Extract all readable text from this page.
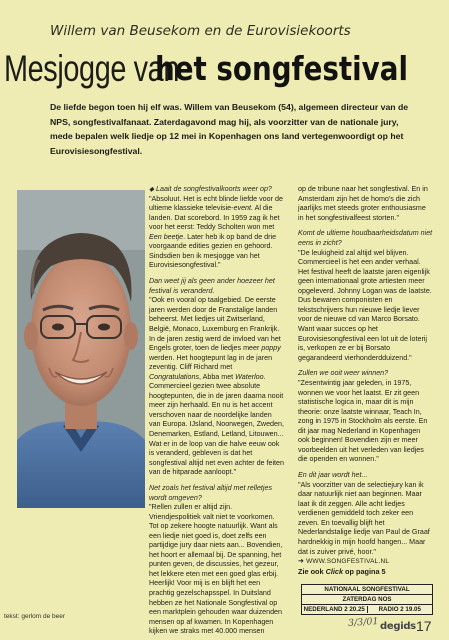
Willem van Beusekom en de Eurovisiekoorts
Mesjogge van
het songfestival
De liefde begon toen hij elf was. Willem van Beusekom (54), algemeen directeur van de NPS, songfestivalfanaat. Zaterdagavond mag hij, als voorzitter van de nationale jury, mede bepalen welk liedje op 12 mei in Kopenhagen ons land vertegenwoordigt op het Eurovisiesongfestival.
tekst: gerlom de beer

◆ Laait de songfestivalkoorts weer op?

"Absoluut. Het is echt blinde liefde voor de ultieme klassieke televisie-event. Al die landen. Dat scorebord. In 1959 zag ik het voor het eerst: Teddy Scholten won met Een beetje. Later heb ik op band de drie voorgaande edities gezien en gehoord. Sindsdien ben ik mesjogge van het Eurovisiesongfestival."

Dan weet jij als geen ander hoezeer het festival is veranderd.

"Ook en vooral op taalgebied. De eerste jaren werden door de Franstalige landen beheerst. Met liedjes uit Zwitserland, België, Monaco, Luxemburg en Frankrijk. In de jaren zestig werd de invloed van het Engels groter, toen de liedjes meer poppy werden. Het hoogtepunt lag in de jaren zeventig. Cliff Richard met Congratulations, Abba met Waterloo. Commercieel gezien twee absolute hoogtepunten, die in de jaren daarna nooit meer zijn herhaald. En nu is het accent verschoven naar de noordelijke landen van Europa. IJsland, Noorwegen, Zweden, Denemarken, Estland, Letland, Litouwen... Wat er in de loop van die halve eeuw ook is veranderd, gebleven is dat het songfestival altijd net even achter de feiten van de hitparade aanloopt."

Net zoals het festival altijd met relletjes wordt omgeven?

"Rellen zullen er altijd zijn. Vriendjespolitiek valt niet te voorkomen. Tot op zekere hoogte natuurlijk. Want als een liedje niet goed is, doet zelfs een partijdige jury daar niets aan... Bovendien, het hoort er allemaal bij. De spanning, het punten geven, de discussies, het gezeur, het lekkere eten met een goed glas erbij. Heerlijk! Voor mij is en blijft het een prachtig gezelschapsspel. In Duitsland hebben ze het Nationale Songfestival op een marktplein gehouden waar duizenden mensen op af kwamen. In Kopenhagen kijken we straks met 40.000 mensen

op de tribune naar het songfestival. En in Amsterdam zijn het de homo's die zich jaarlijks met steeds groter enthousiasme in het songfestivalfeest storten."

Komt de ultieme houdbaarheidsdatum niet eens in zicht?

"De leukigheid zal altijd wel blijven. Commercieel is het een ander verhaal. Het festival heeft de laatste jaren eigenlijk geen internationaal grote artiesten meer opgeleverd. Johnny Logan was de laatste. Dus bewaren componisten en tekstschrijvers hun nieuwe liedje liever voor de nieuwe cd van Marco Borsato. Want waar succes op het Eurovisiesongfestival een lot uit de loterij is, verkopen ze er bij Borsato gegarandeerd vierhonderdduizend."

Zullen we ooit weer winnen?

"Zesentwintig jaar geleden, in 1975, wonnen we voor het laatst. Er zit geen statistische logica in, maar dit is mijn theorie: onze laatste winnaar, Teach In, zong in 1975 in Stockholm als eerste. En dit jaar mag Nederland in Kopenhagen ook beginnen! Bovendien zijn er meer voorbeelden uit het verleden van liedjes die openden en wonnen."

En dit jaar wordt het...

"Als voorzitter van de selectiejury kan ik daar natuurlijk niet aan beginnen. Maar laat ik dit zeggen. Alle acht liedjes verdienen gemiddeld toch zeker een zeven. En toevallig blijft het Nederlandstalige liedje van Paul de Graaf hardnekkig in mijn hoofd hangen... Maar dat is zuiver privé, hoor."

➜ WWW.SONGFESTIVAL.NL

Zie ook Click op pagina 5

NATIONAAL SONGFESTIVAL
ZATERDAG NOS
NEDERLAND 2 20.25	RADIO 2 19.05
3/3/01 degids 17
